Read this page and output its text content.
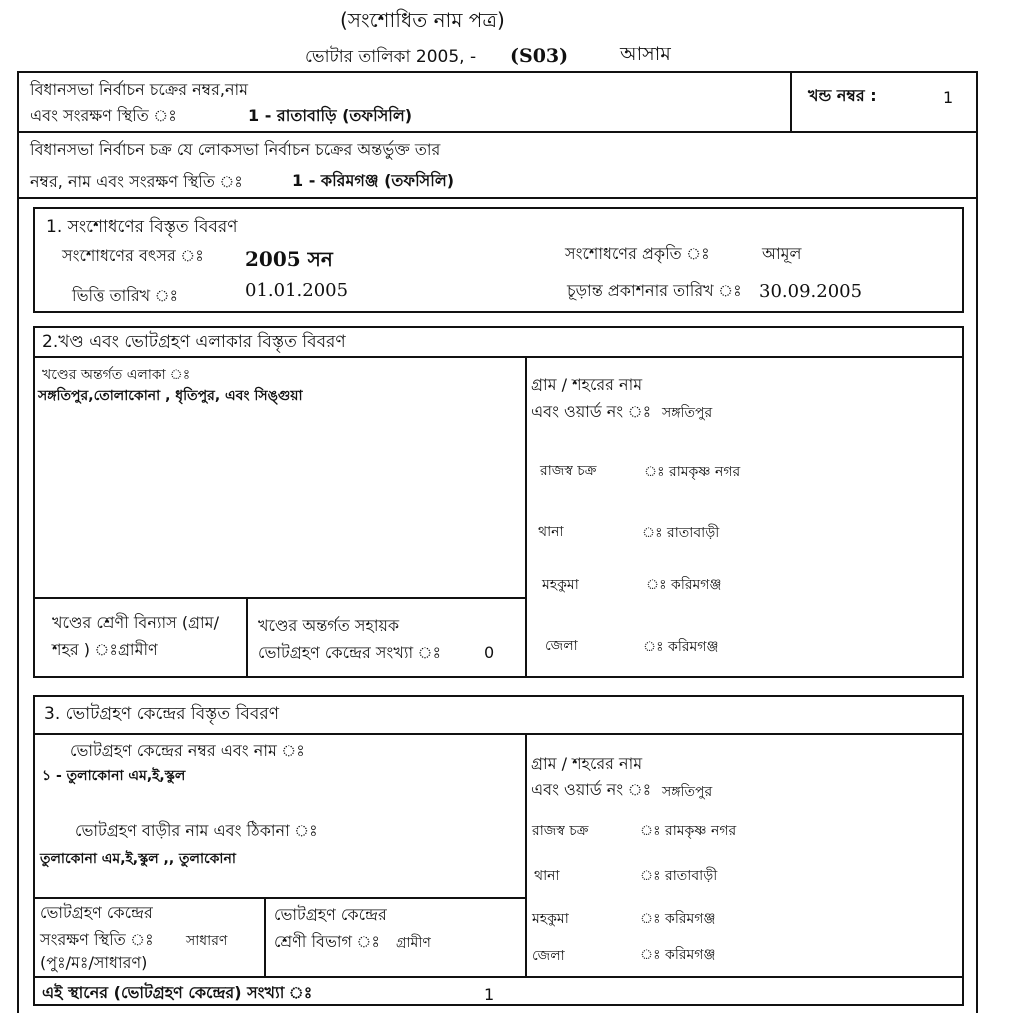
(সংশোধিত নাম পত্র)
ভোটার তালিকা 2005, - (S03)	আসাম
বিধানসভা নির্বাচন চক্রের নম্বর,নাম
এবং সংরক্ষণ স্থিতি ঃ	1 - রাতাবাড়ি (তফসিলি)
খন্ড নম্বর :	1
বিধানসভা নির্বাচন চক্র যে লোকসভা নির্বাচন চক্রের অন্তর্ভুক্ত তার
নম্বর, নাম এবং সংরক্ষণ স্থিতি ঃ	1 - করিমগঞ্জ (তফসিলি)
1. সংশোধণের বিস্তৃত বিবরণ
সংশোধণের বৎসর ঃ 2005 সন	সংশোধণের প্রকৃতি ঃ	আমূল
ভিত্তি তারিখ ঃ	01.01.2005	চূড়ান্ত প্রকাশনার তারিখ ঃ 30.09.2005
2.খণ্ড এবং ভোটগ্রহণ এলাকার বিস্তৃত বিবরণ
খণ্ডের অন্তর্গত এলাকা ঃ
সঙ্গতিপুর,তোলাকোনা , ধৃতিপুর, এবং সিঙ্গুয়া
খণ্ডের শ্রেণী বিন্যাস (গ্রাম/
শহর ) ঃগ্রামীণ
খণ্ডের অন্তর্গত সহায়ক
ভোটগ্রহণ কেন্দ্রের সংখ্যা ঃ	0
গ্রাম / শহরের নাম
এবং ওয়ার্ড নং ঃ সঙ্গতিপুর
রাজস্ব চক্র	ঃ রামকৃষ্ণ নগর
থানা	ঃ রাতাবাড়ী
মহকুমা	ঃ করিমগঞ্জ
জেলা	ঃ করিমগঞ্জ
3. ভোটগ্রহণ কেন্দ্রের বিস্তৃত বিবরণ
ভোটগ্রহণ কেন্দ্রের নম্বর এবং নাম ঃ
১ - তুলাকোনা এম,ই,স্কুল
ভোটগ্রহণ বাড়ীর নাম এবং ঠিকানা ঃ
তুলাকোনা এম,ই,স্কুল ,, তুলাকোনা
ভোটগ্রহণ কেন্দ্রের
সংরক্ষণ স্থিতি ঃ সাধারণ
(পুঃ/মঃ/সাধারণ)
ভোটগ্রহণ কেন্দ্রের
শ্রেণী বিভাগ ঃ গ্রামীণ
গ্রাম / শহরের নাম
এবং ওয়ার্ড নং ঃ সঙ্গতিপুর
রাজস্ব চক্র	ঃ রামকৃষ্ণ নগর
থানা	ঃ রাতাবাড়ী
মহকুমা	ঃ করিমগঞ্জ
জেলা	ঃ করিমগঞ্জ
এই স্থানের (ভোটগ্রহণ কেন্দ্রের) সংখ্যা ঃ	1
